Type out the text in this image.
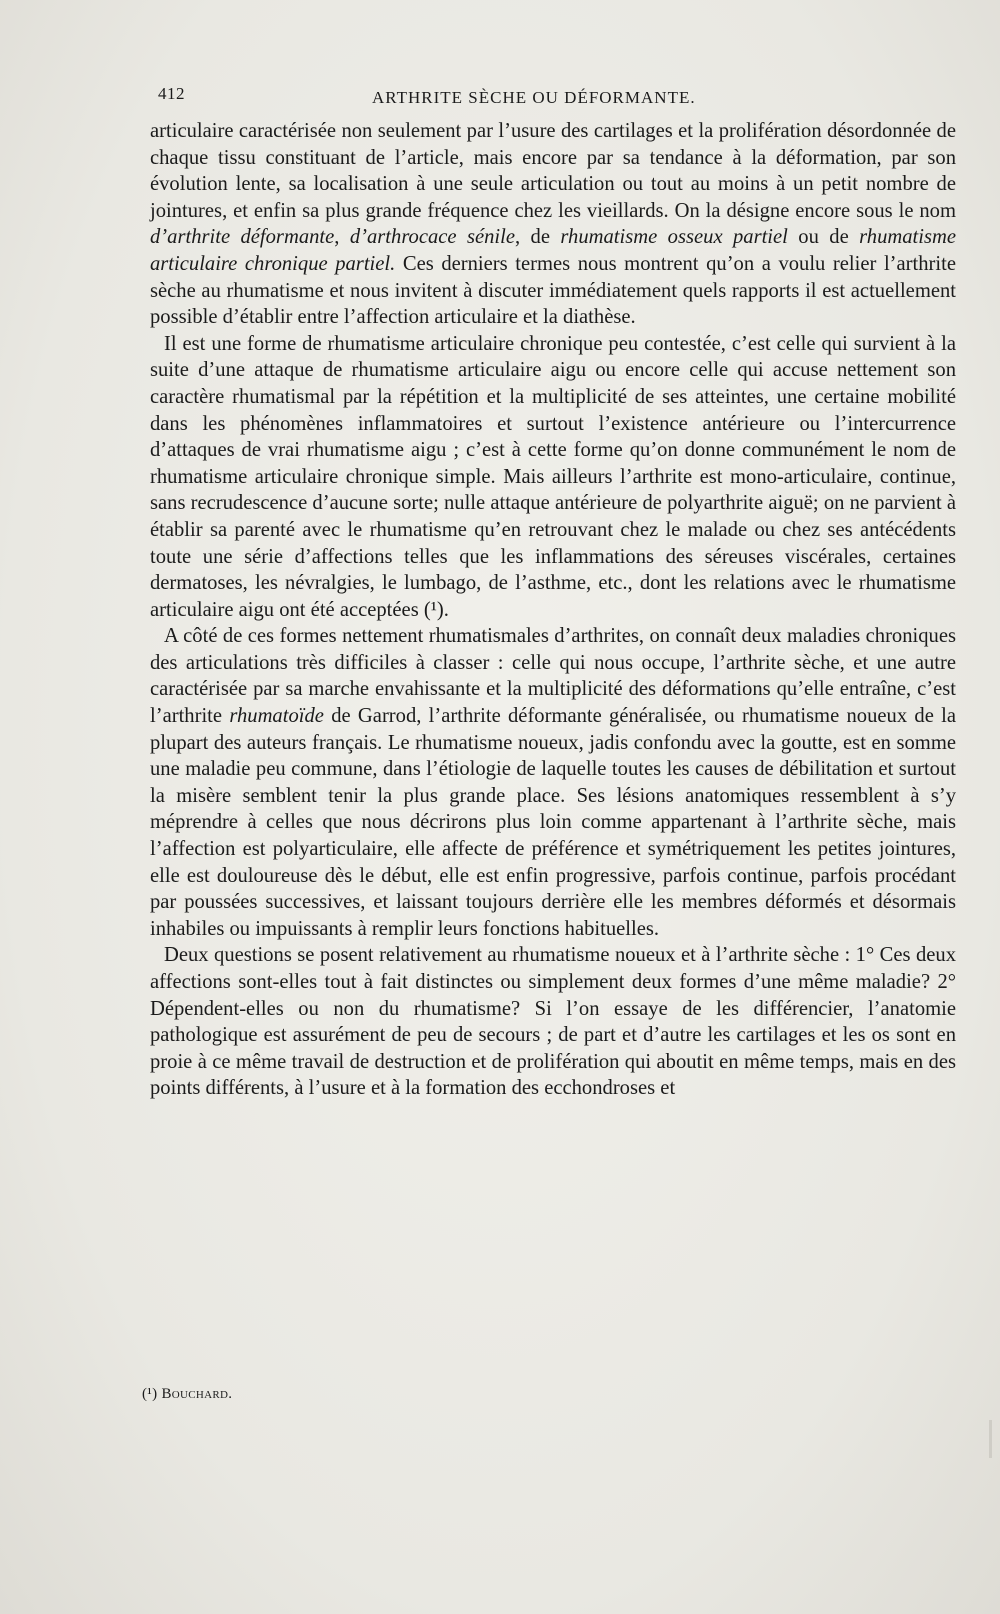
412	ARTHRITE SÈCHE OU DÉFORMANTE.

articulaire caractérisée non seulement par l’usure des cartilages et la prolifération désordonnée de chaque tissu constituant de l’article, mais encore par sa tendance à la déformation, par son évolution lente, sa localisation à une seule articulation ou tout au moins à un petit nombre de jointures, et enfin sa plus grande fréquence chez les vieillards. On la désigne encore sous le nom d’arthrite déformante, d’arthrocace sénile, de rhumatisme osseux partiel ou de rhumatisme articulaire chronique partiel. Ces derniers termes nous montrent qu’on a voulu relier l’arthrite sèche au rhumatisme et nous invitent à discuter immédiatement quels rapports il est actuellement possible d’établir entre l’affection articulaire et la diathèse.

Il est une forme de rhumatisme articulaire chronique peu contestée, c’est celle qui survient à la suite d’une attaque de rhumatisme articulaire aigu ou encore celle qui accuse nettement son caractère rhumatismal par la répétition et la multiplicité de ses atteintes, une certaine mobilité dans les phénomènes inflammatoires et surtout l’existence antérieure ou l’intercurrence d’attaques de vrai rhumatisme aigu ; c’est à cette forme qu’on donne communément le nom de rhumatisme articulaire chronique simple. Mais ailleurs l’arthrite est mono-articulaire, continue, sans recrudescence d’aucune sorte; nulle attaque antérieure de polyarthrite aiguë; on ne parvient à établir sa parenté avec le rhumatisme qu’en retrouvant chez le malade ou chez ses antécédents toute une série d’affections telles que les inflammations des séreuses viscérales, certaines dermatoses, les névralgies, le lumbago, de l’asthme, etc., dont les relations avec le rhumatisme articulaire aigu ont été acceptées (¹).

A côté de ces formes nettement rhumatismales d’arthrites, on connaît deux maladies chroniques des articulations très difficiles à classer : celle qui nous occupe, l’arthrite sèche, et une autre caractérisée par sa marche envahissante et la multiplicité des déformations qu’elle entraîne, c’est l’arthrite rhumatoïde de Garrod, l’arthrite déformante généralisée, ou rhumatisme noueux de la plupart des auteurs français. Le rhumatisme noueux, jadis confondu avec la goutte, est en somme une maladie peu commune, dans l’étiologie de laquelle toutes les causes de débilitation et surtout la misère semblent tenir la plus grande place. Ses lésions anatomiques ressemblent à s’y méprendre à celles que nous décrirons plus loin comme appartenant à l’arthrite sèche, mais l’affection est polyarticulaire, elle affecte de préférence et symétriquement les petites jointures, elle est douloureuse dès le début, elle est enfin progressive, parfois continue, parfois procédant par poussées successives, et laissant toujours derrière elle les membres déformés et désormais inhabiles ou impuissants à remplir leurs fonctions habituelles.

Deux questions se posent relativement au rhumatisme noueux et à l’arthrite sèche : 1° Ces deux affections sont-elles tout à fait distinctes ou simplement deux formes d’une même maladie? 2° Dépendent-elles ou non du rhumatisme? Si l’on essaye de les différencier, l’anatomie pathologique est assurément de peu de secours ; de part et d’autre les cartilages et les os sont en proie à ce même travail de destruction et de prolifération qui aboutit en même temps, mais en des points différents, à l’usure et à la formation des ecchondroses et

(¹) Bouchard.
